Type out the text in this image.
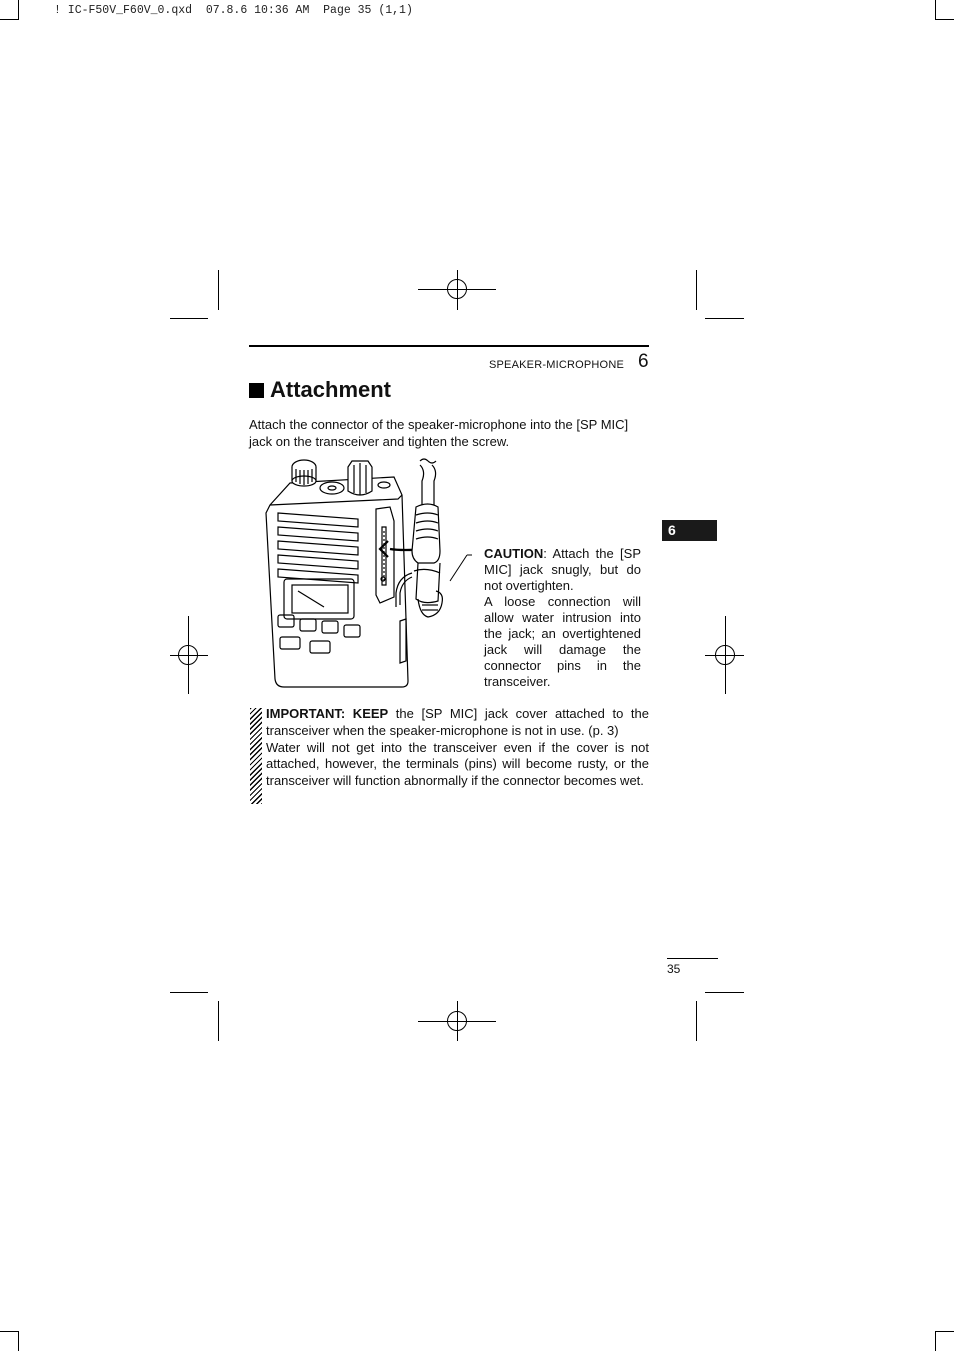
! IC-F50V_F60V_0.qxd  07.8.6 10:36 AM  Page 35 (1,1)
SPEAKER-MICROPHONE 6
Attachment
Attach the connector of the speaker-microphone into the [SP MIC] jack on the transceiver and tighten the screw.
CAUTION: Attach the [SP MIC] jack snugly, but do not overtighten.
A loose connection will allow water intrusion into the jack; an overtightened jack will damage the connector pins in the transceiver.
IMPORTANT: KEEP the [SP MIC] jack cover attached to the transceiver when the speaker-microphone is not in use. (p. 3)
Water will not get into the transceiver even if the cover is not attached, however, the terminals (pins) will become rusty, or the transceiver will function abnormally if the connector becomes wet.
6
35
